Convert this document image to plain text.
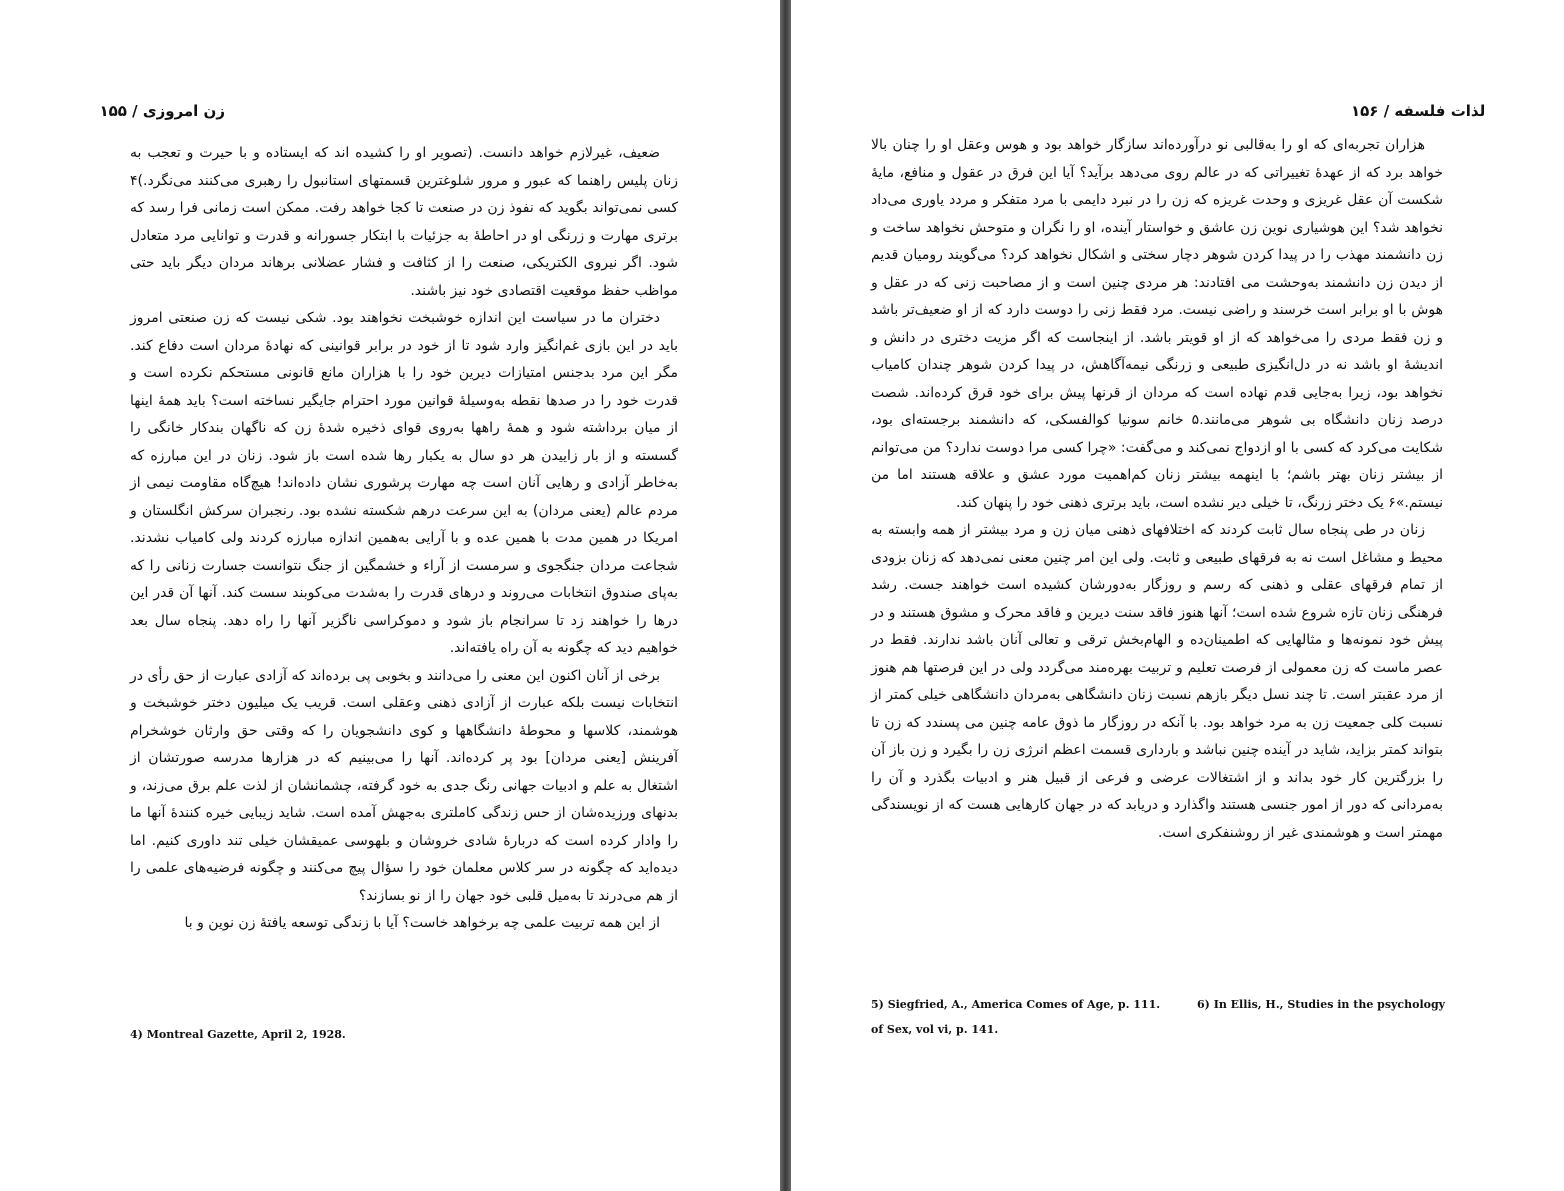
زن امروزی / ۱۵۵

ضعیف، غیرلازم خواهد دانست. (تصویر او را کشیده اند که ایستاده و با حیرت و تعجب به زنان پلیس راهنما که عبور و مرور شلوغترین قسمتهای استانبول را رهبری می‌کنند می‌نگرد.)۴ کسی نمی‌تواند بگوید که نفوذ زن در صنعت تا کجا خواهد رفت. ممکن است زمانی فرا رسد که برتری مهارت و زرنگی او در احاطهٔ به جزئیات با ابتکار جسورانه و قدرت و توانایی مرد متعادل شود. اگر نیروی الکتریکی، صنعت را از کثافت و فشار عضلانی برهاند مردان دیگر باید حتی مواظب حفظ موقعیت اقتصادی خود نیز باشند.

دختران ما در سیاست این اندازه خوشبخت نخواهند بود. شکی نیست که زن صنعتی امروز باید در این بازی غم‌انگیز وارد شود تا از خود در برابر قوانینی که نهادهٔ مردان است دفاع کند. مگر این مرد بدجنس امتیازات دیرین خود را با هزاران مانع قانونی مستحکم نکرده است و قدرت خود را در صدها نقطه به‌وسیلهٔ قوانین مورد احترام جایگیر نساخته است؟ باید همهٔ اینها از میان برداشته شود و همهٔ راهها به‌روی قوای ذخیره شدهٔ زن که ناگهان بندکار خانگی را گسسته و از بار زاییدن هر دو سال به یکبار رها شده است باز شود. زنان در این مبارزه که به‌خاطر آزادی و رهایی آنان است چه مهارت پرشوری نشان داده‌اند! هیچ‌گاه مقاومت نیمی از مردم عالم (یعنی مردان) به این سرعت درهم شکسته نشده بود. رنجبران سرکش انگلستان و امریکا در همین مدت با همین عده و با آرایی به‌همین اندازه مبارزه کردند ولی کامیاب نشدند. شجاعت مردان جنگجوی و سرمست از آراء و خشمگین از جنگ نتوانست جسارت زنانی را که به‌پای صندوق انتخابات می‌روند و درهای قدرت را به‌شدت می‌کوبند سست کند. آنها آن قدر این درها را خواهند زد تا سرانجام باز شود و دموکراسی ناگزیر آنها را راه دهد. پنجاه سال بعد خواهیم دید که چگونه به آن راه یافته‌اند.

برخی از آنان اکنون این معنی را می‌دانند و بخوبی پی برده‌اند که آزادی عبارت از حق رأی در انتخابات نیست بلکه عبارت از آزادی ذهنی وعقلی است. قریب یک میلیون دختر خوشبخت و هوشمند، کلاسها و محوطهٔ دانشگاهها و کوی دانشجویان را که وقتی حق وارثان خوشخرام آفرینش [یعنی مردان] بود پر کرده‌اند. آنها را می‌بینیم که در هزارها مدرسه صورتشان از اشتغال به علم و ادبیات جهانی رنگ جدی به خود گرفته، چشمانشان از لذت علم برق می‌زند، و بدنهای ورزیده‌شان از حس زندگی کاملتری به‌جهش آمده است. شاید زیبایی خیره کنندهٔ آنها ما را وادار کرده است که دربارهٔ شادی خروشان و بلهوسی عمیقشان خیلی تند داوری کنیم. اما دیده‌اید که چگونه در سر کلاس معلمان خود را سؤال پیچ می‌کنند و چگونه فرضیه‌های علمی را از هم می‌درند تا به‌میل قلبی خود جهان را از نو بسازند؟

از این همه تربیت علمی چه برخواهد خاست؟ آیا با زندگی توسعه یافتهٔ زن نوین و با

4) Montreal Gazette, April 2, 1928.
۱۵۶ / لذات فلسفه

هزاران تجربه‌ای که او را به‌قالبی نو درآورده‌اند سازگار خواهد بود و هوس وعقل او را چنان بالا خواهد برد که از عهدهٔ تغییراتی که در عالم روی می‌دهد برآید؟ آیا این فرق در عقول و منافع، مایهٔ شکست آن عقل غریزی و وحدت غریزه که زن را در نبرد دایمی با مرد متفکر و مردد یاوری می‌داد نخواهد شد؟ این هوشیاری نوین زن عاشق و خواستار آینده، او را نگران و متوحش نخواهد ساخت و زن دانشمند مهذب را در پیدا کردن شوهر دچار سختی و اشکال نخواهد کرد؟ می‌گویند رومیان قدیم از دیدن زن دانشمند به‌وحشت می افتادند: هر مردی چنین است و از مصاحبت زنی که در عقل و هوش با او برابر است خرسند و راضی نیست. مرد فقط زنی را دوست دارد که از او ضعیف‌تر باشد و زن فقط مردی را می‌خواهد که از او قویتر باشد. از اینجاست که اگر مزیت دختری در دانش و اندیشهٔ او باشد نه در دل‌انگیزی طبیعی و زرنگی نیمه‌آگاهش، در پیدا کردن شوهر چندان کامیاب نخواهد بود، زیرا به‌جایی قدم نهاده است که مردان از قرنها پیش برای خود قرق کرده‌اند. شصت درصد زنان دانشگاه بی شوهر می‌مانند.۵ خانم سونیا کوالفسکی، که دانشمند برجسته‌ای بود، شکایت می‌کرد که کسی با او ازدواج نمی‌کند و می‌گفت: «چرا کسی مرا دوست ندارد؟ من می‌توانم از بیشتر زنان بهتر باشم؛ با اینهمه بیشتر زنان کم‌اهمیت مورد عشق و علاقه هستند اما من نیستم.»۶ یک دختر زرنگ، تا خیلی دیر نشده است، باید برتری ذهنی خود را پنهان کند.

زنان در طی پنجاه سال ثابت کردند که اختلافهای ذهنی میان زن و مرد بیشتر از همه وابسته به محیط و مشاغل است نه به فرقهای طبیعی و ثابت. ولی این امر چنین معنی نمی‌دهد که زنان بزودی از تمام فرقهای عقلی و ذهنی که رسم و روزگار به‌دورشان کشیده است خواهند جست. رشد فرهنگی زنان تازه شروع شده است؛ آنها هنوز فاقد سنت دیرین و فاقد محرک و مشوق هستند و در پیش خود نمونه‌ها و مثالهایی که اطمینان‌ده و الهام‌بخش ترقی و تعالی آنان باشد ندارند. فقط در عصر ماست که زن معمولی از فرصت تعلیم و تربیت بهره‌مند می‌گردد ولی در این فرصتها هم هنوز از مرد عقبتر است. تا چند نسل دیگر بازهم نسبت زنان دانشگاهی به‌مردان دانشگاهی خیلی کمتر از نسبت کلی جمعیت زن به مرد خواهد بود. با آنکه در روزگار ما ذوق عامه چنین می پسندد که زن تا بتواند کمتر بزاید، شاید در آینده چنین نباشد و بارداری قسمت اعظم انرژی زن را بگیرد و زن باز آن را بزرگترین کار خود بداند و از اشتغالات عرضی و فرعی از قبیل هنر و ادبیات بگذرد و آن را به‌مردانی که دور از امور جنسی هستند واگذارد و دریابد که در جهان کارهایی هست که از نویسندگی مهمتر است و هوشمندی غیر از روشنفکری است.

5) Siegfried, A., America Comes of Age, p. 111.	6) In Ellis, H., Studies in the psychology
of Sex, vol vi, p. 141.
